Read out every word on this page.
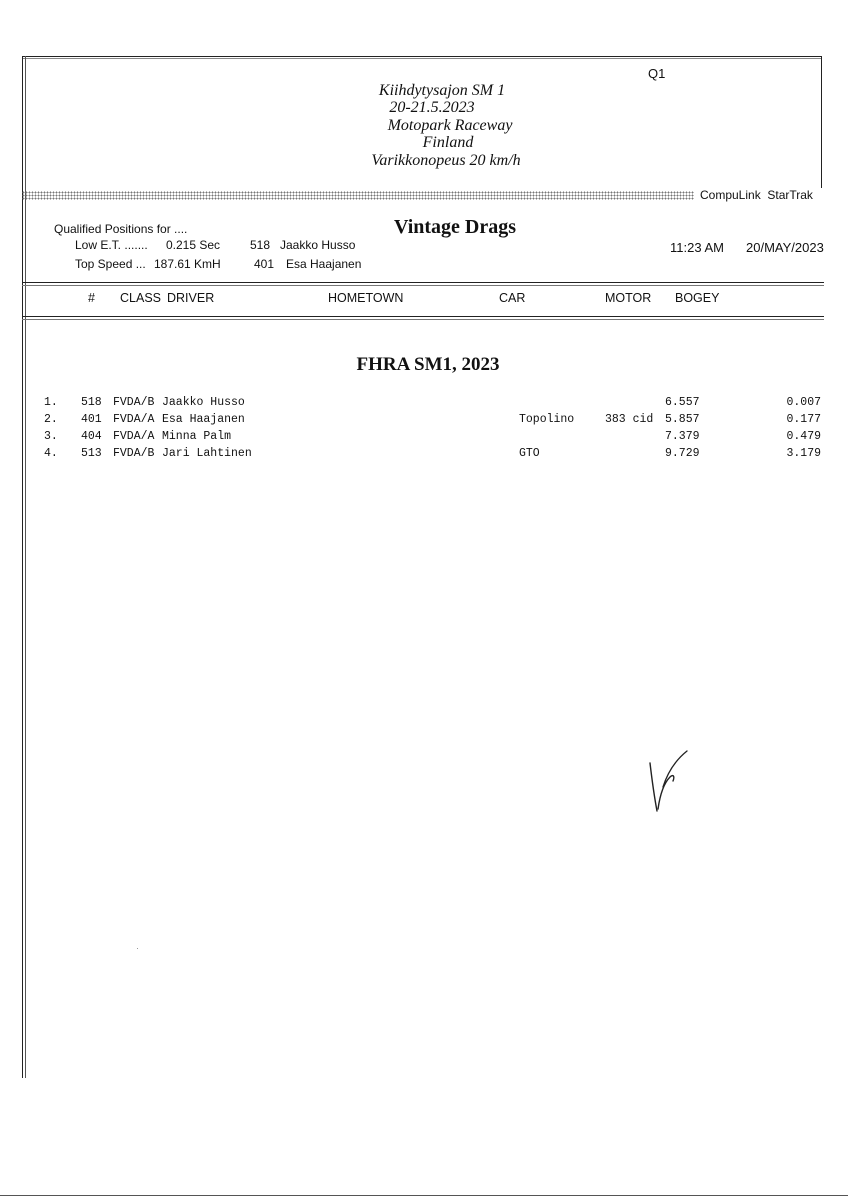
Q1
Kiihdytysajon SM 1
20-21.5.2023
Motopark Raceway
Finland
Varikkonopeus 20 km/h
CompuLink  StarTrak
Qualified Positions for ....	Vintage Drags
Low E.T. ....... 0.215 Sec 518 Jaakko Husso
Top Speed ... 187.61 KmH	401 Esa Haajanen
11:23 AM 20/MAY/2023
# CLASS DRIVER	HOMETOWN	CAR	MOTOR BOGEY
FHRA SM1, 2023
1. 518 FVDA/B Jaakko Husso	6.557	0.007
2. 401 FVDA/A Esa Haajanen	Topolino	383 cid 5.857	0.177
3. 404 FVDA/A Minna Palm	7.379	0.479
4. 513 FVDA/B Jari Lahtinen	GTO	9.729	3.179
